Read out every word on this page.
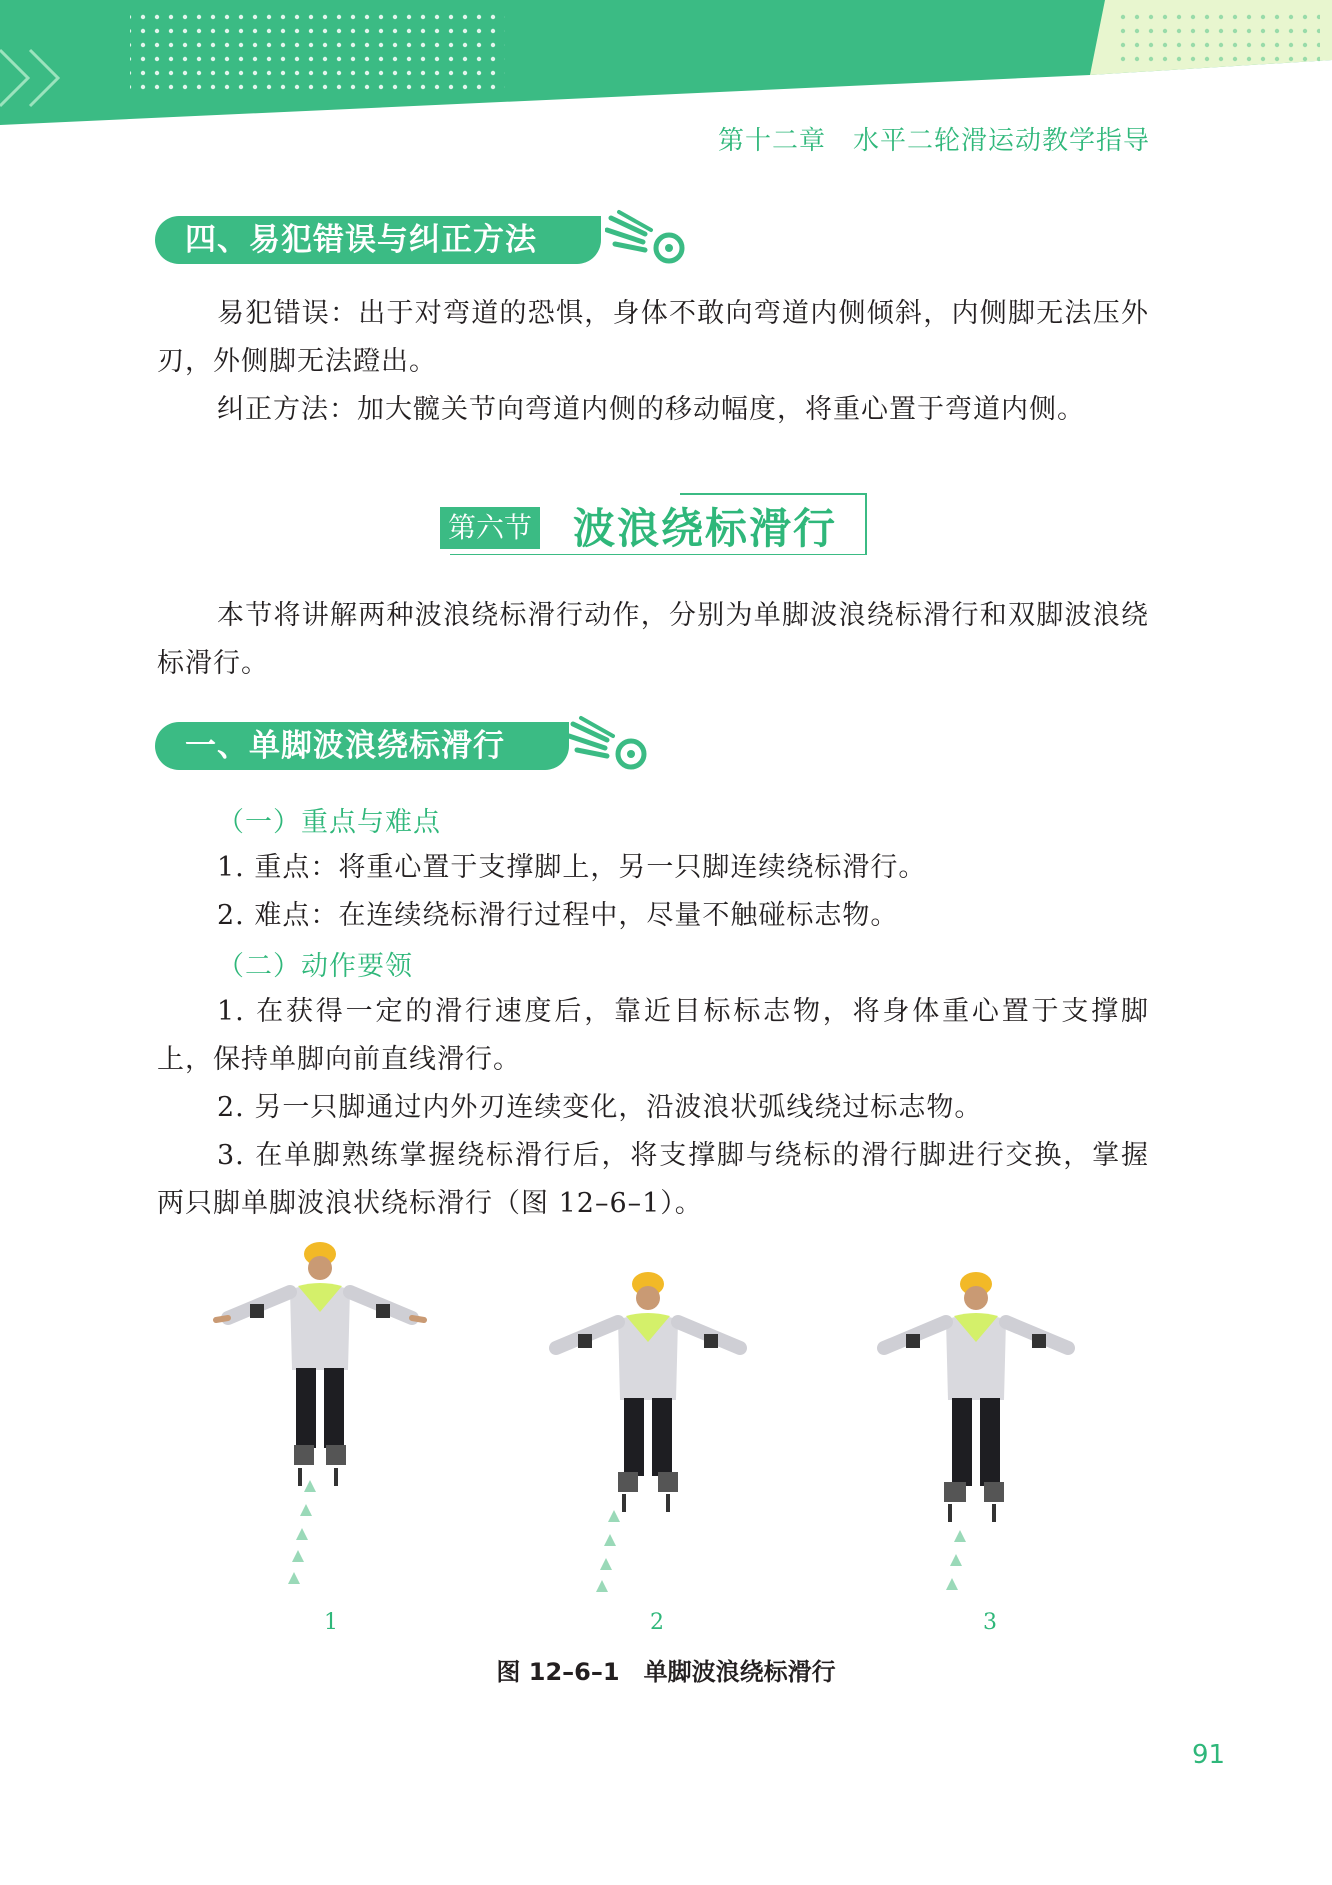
第十二章　水平二轮滑运动教学指导
四、易犯错误与纠正方法

易犯错误：出于对弯道的恐惧，身体不敢向弯道内侧倾斜，内侧脚无法压外刃，外侧脚无法蹬出。

纠正方法：加大髋关节向弯道内侧的移动幅度，将重心置于弯道内侧。

第六节 波浪绕标滑行

本节将讲解两种波浪绕标滑行动作，分别为单脚波浪绕标滑行和双脚波浪绕标滑行。

一、单脚波浪绕标滑行
（一）重点与难点

1. 重点：将重心置于支撑脚上，另一只脚连续绕标滑行。

2. 难点：在连续绕标滑行过程中，尽量不触碰标志物。

（二）动作要领

1. 在获得一定的滑行速度后，靠近目标标志物，将身体重心置于支撑脚上，保持单脚向前直线滑行。

2. 另一只脚通过内外刃连续变化，沿波浪状弧线绕过标志物。

3. 在单脚熟练掌握绕标滑行后，将支撑脚与绕标的滑行脚进行交换，掌握两只脚单脚波浪状绕标滑行（图 12–6–1）。

1	2	3
图 12–6–1　单脚波浪绕标滑行
91
